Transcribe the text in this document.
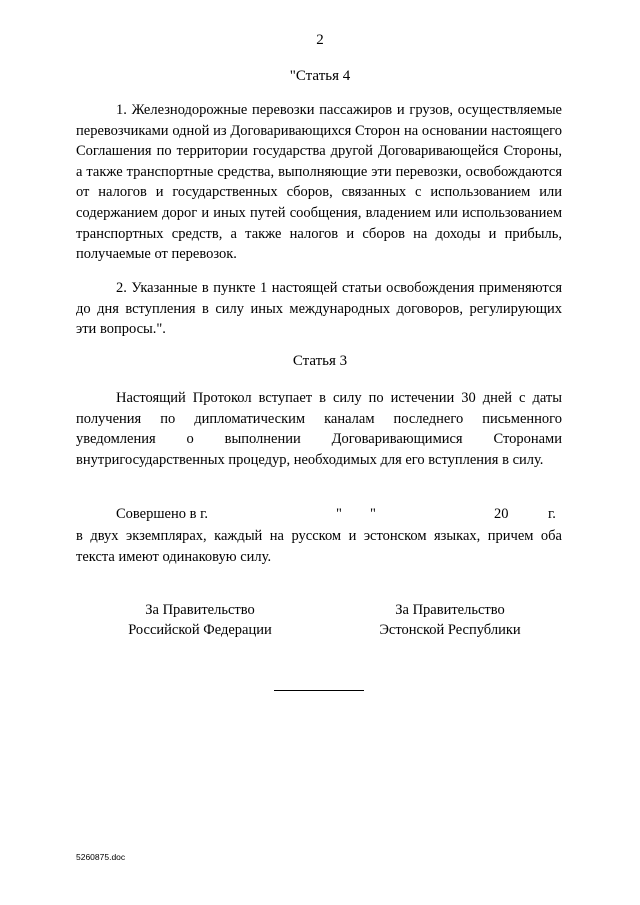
2
"Статья 4
1. Железнодорожные перевозки пассажиров и грузов, осуществляемые перевозчиками одной из Договаривающихся Сторон на основании настоящего Соглашения по территории государства другой Договаривающейся Стороны, а также транспортные средства, выполняющие эти перевозки, освобождаются от налогов и государственных сборов, связанных с использованием или содержанием дорог и иных путей сообщения, владением или использованием транспортных средств, а также налогов и сборов на доходы и прибыль, получаемые от перевозок.
2. Указанные в пункте 1 настоящей статьи освобождения применяются до дня вступления в силу иных международных договоров, регулирующих эти вопросы.".
Статья 3
Настоящий Протокол вступает в силу по истечении 30 дней с даты получения по дипломатическим каналам последнего письменного уведомления о выполнении Договаривающимися Сторонами внутригосударственных процедур, необходимых для его вступления в силу.
Совершено в г.	" "	20	г.
в двух экземплярах, каждый на русском и эстонском языках, причем оба текста имеют одинаковую силу.
За Правительство
Российской Федерации
За Правительство
Эстонской Республики
5260875.doc
